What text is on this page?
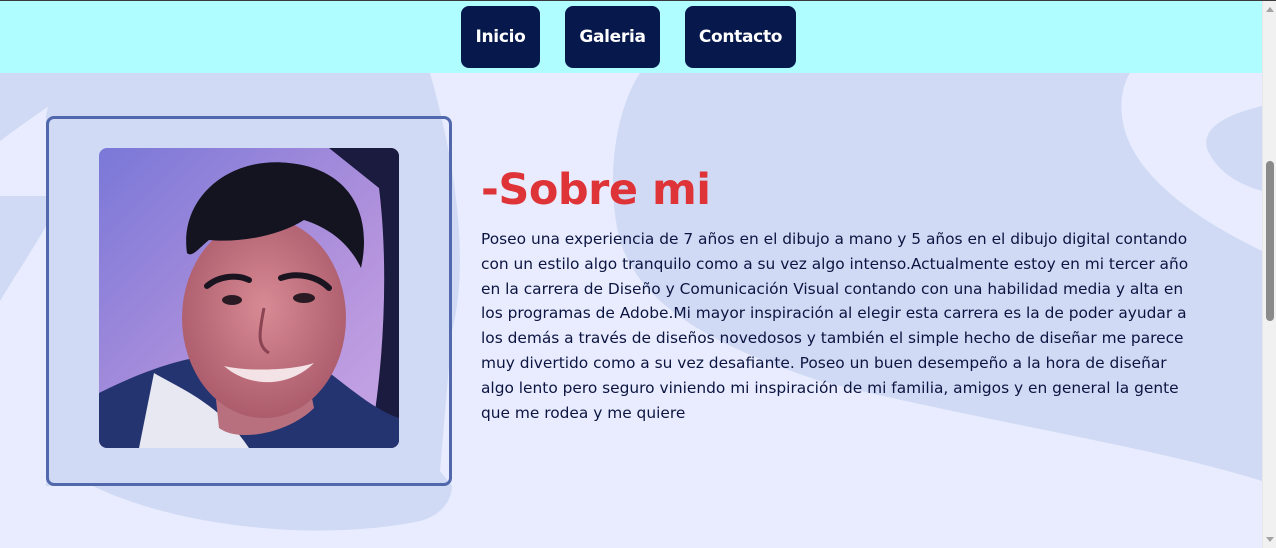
Inicio	Galeria	Contacto
-Sobre mi

Poseo una experiencia de 7 años en el dibujo a mano y 5 años en el dibujo digital contando
con un estilo algo tranquilo como a su vez algo intenso.Actualmente estoy en mi tercer año
en la carrera de Diseño y Comunicación Visual contando con una habilidad media y alta en
los programas de Adobe.Mi mayor inspiración al elegir esta carrera es la de poder ayudar a
los demás a través de diseños novedosos y también el simple hecho de diseñar me parece
muy divertido como a su vez desafiante. Poseo un buen desempeño a la hora de diseñar
algo lento pero seguro viniendo mi inspiración de mi familia, amigos y en general la gente
que me rodea y me quiere
